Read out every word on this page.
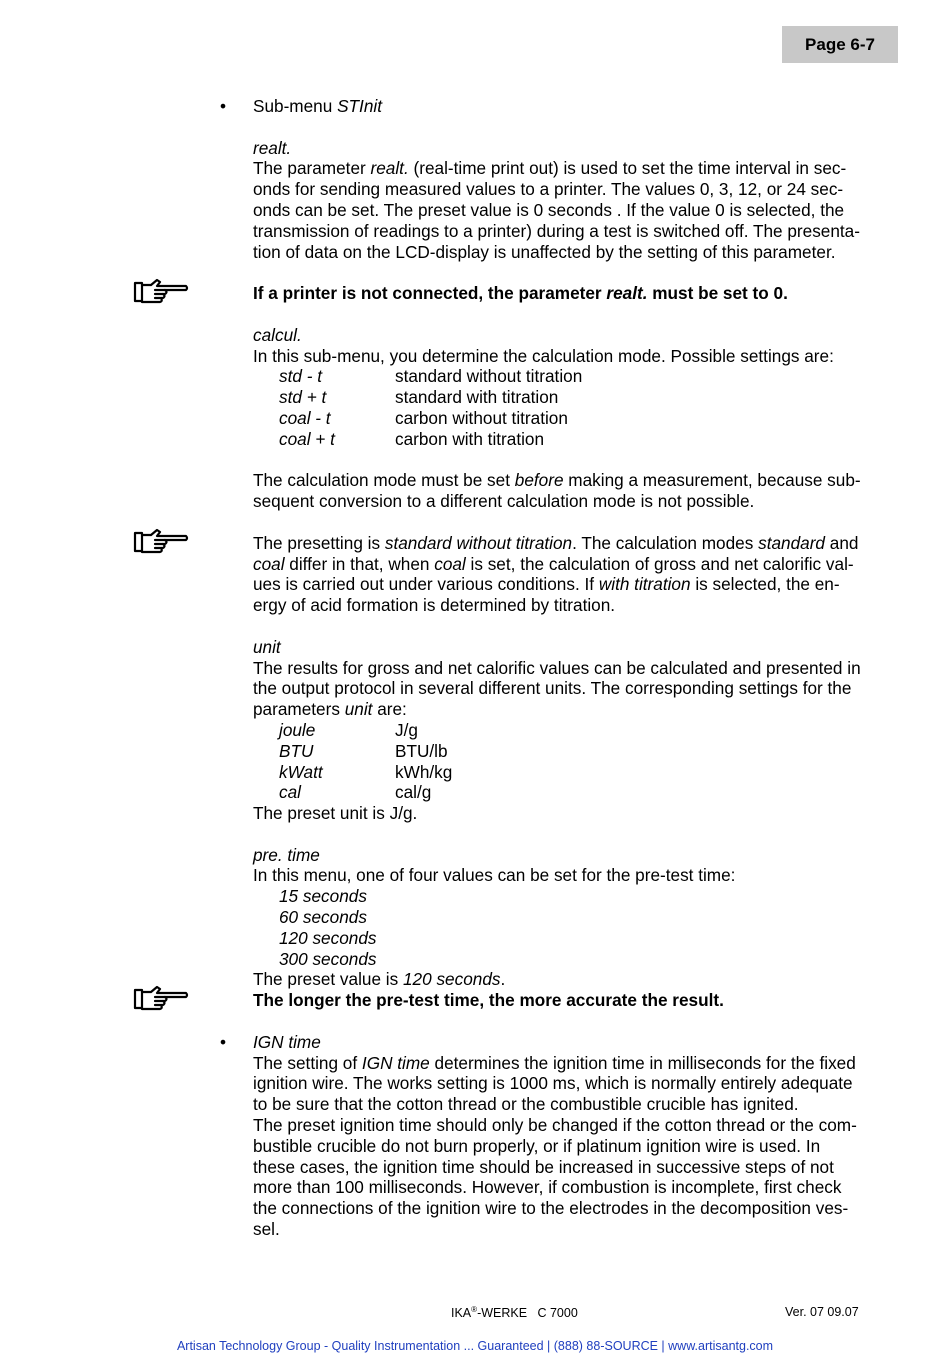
Page 6-7

• Sub-menu STInit

realt.

The parameter realt. (real-time print out) is used to set the time interval in sec-

onds for sending measured values to a printer. The values 0, 3, 12, or 24 sec-

onds can be set. The preset value is 0 seconds . If the value 0 is selected, the

transmission of readings to a printer) during a test is switched off. The presenta-

tion of data on the LCD-display is unaffected by the setting of this parameter.

If a printer is not connected, the parameter realt. must be set to 0.

calcul.

In this sub-menu, you determine the calculation mode. Possible settings are:

std - t	standard without titration
std + t	standard with titration
coal - t	carbon without titration
coal + t	carbon with titration

The calculation mode must be set before making a measurement, because sub-

sequent conversion to a different calculation mode is not possible.

The presetting is standard without titration. The calculation modes standard and

coal differ in that, when coal is set, the calculation of gross and net calorific val-

ues is carried out under various conditions. If with titration is selected, the en-

ergy of acid formation is determined by titration.

unit

The results for gross and net calorific values can be calculated and presented in

the output protocol in several different units. The corresponding settings for the

parameters unit are:

joule	J/g
BTU	BTU/lb
kWatt	kWh/kg
cal	cal/g

The preset unit is J/g.

pre. time

In this menu, one of four values can be set for the pre-test time:

15 seconds

60 seconds

120 seconds

300 seconds

The preset value is 120 seconds.

The longer the pre-test time, the more accurate the result.

• IGN time

The setting of IGN time determines the ignition time in milliseconds for the fixed

ignition wire. The works setting is 1000 ms, which is normally entirely adequate

to be sure that the cotton thread or the combustible crucible has ignited.

The preset ignition time should only be changed if the cotton thread or the com-

bustible crucible do not burn properly, or if platinum ignition wire is used. In

these cases, the ignition time should be increased in successive steps of not

more than 100 milliseconds. However, if combustion is incomplete, first check

the connections of the ignition wire to the electrodes in the decomposition ves-

sel.

IKA®-WERKE   C 7000	Ver. 07 09.07
Artisan Technology Group - Quality Instrumentation ... Guaranteed | (888) 88-SOURCE | www.artisantg.com
